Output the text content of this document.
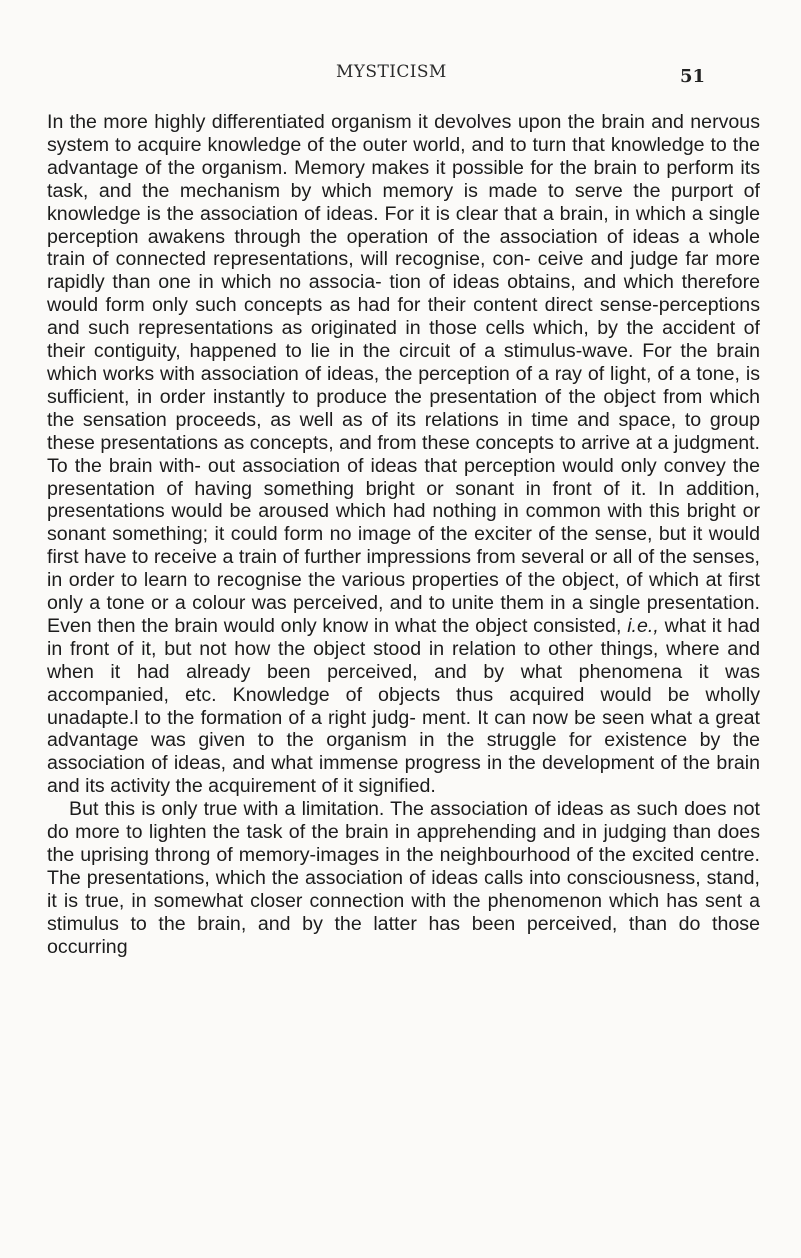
MYSTICISM	51

In the more highly differentiated organism it devolves upon the brain and nervous system to acquire knowledge of the outer world, and to turn that knowledge to the advantage of the organism. Memory makes it possible for the brain to perform its task, and the mechanism by which memory is made to serve the purport of knowledge is the association of ideas. For it is clear that a brain, in which a single perception awakens through the operation of the association of ideas a whole train of connected representations, will recognise, con- ceive and judge far more rapidly than one in which no associa- tion of ideas obtains, and which therefore would form only such concepts as had for their content direct sense-perceptions and such representations as originated in those cells which, by the accident of their contiguity, happened to lie in the circuit of a stimulus-wave. For the brain which works with association of ideas, the perception of a ray of light, of a tone, is sufficient, in order instantly to produce the presentation of the object from which the sensation proceeds, as well as of its relations in time and space, to group these presentations as concepts, and from these concepts to arrive at a judgment. To the brain with- out association of ideas that perception would only convey the presentation of having something bright or sonant in front of it. In addition, presentations would be aroused which had nothing in common with this bright or sonant something; it could form no image of the exciter of the sense, but it would first have to receive a train of further impressions from several or all of the senses, in order to learn to recognise the various properties of the object, of which at first only a tone or a colour was perceived, and to unite them in a single presentation. Even then the brain would only know in what the object consisted, i.e., what it had in front of it, but not how the object stood in relation to other things, where and when it had already been perceived, and by what phenomena it was accompanied, etc. Knowledge of objects thus acquired would be wholly unadapte.l to the formation of a right judg- ment. It can now be seen what a great advantage was given to the organism in the struggle for existence by the association of ideas, and what immense progress in the development of the brain and its activity the acquirement of it signified.

But this is only true with a limitation. The association of ideas as such does not do more to lighten the task of the brain in apprehending and in judging than does the uprising throng of memory-images in the neighbourhood of the excited centre. The presentations, which the association of ideas calls into consciousness, stand, it is true, in somewhat closer connection with the phenomenon which has sent a stimulus to the brain, and by the latter has been perceived, than do those occurring
